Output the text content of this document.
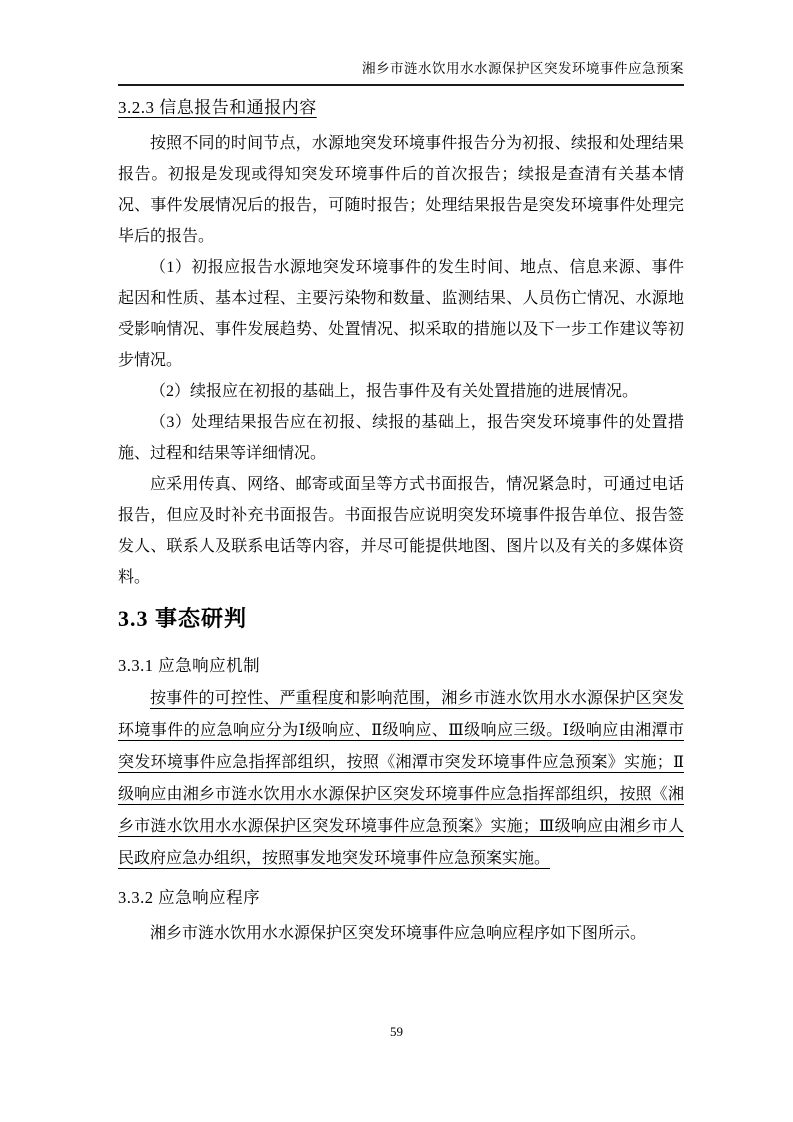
湘乡市涟水饮用水水源保护区突发环境事件应急预案
3.2.3 信息报告和通报内容

按照不同的时间节点，水源地突发环境事件报告分为初报、续报和处理结果报告。初报是发现或得知突发环境事件后的首次报告；续报是查清有关基本情况、事件发展情况后的报告，可随时报告；处理结果报告是突发环境事件处理完毕后的报告。

（1）初报应报告水源地突发环境事件的发生时间、地点、信息来源、事件起因和性质、基本过程、主要污染物和数量、监测结果、人员伤亡情况、水源地受影响情况、事件发展趋势、处置情况、拟采取的措施以及下一步工作建议等初步情况。

（2）续报应在初报的基础上，报告事件及有关处置措施的进展情况。

（3）处理结果报告应在初报、续报的基础上，报告突发环境事件的处置措施、过程和结果等详细情况。

应采用传真、网络、邮寄或面呈等方式书面报告，情况紧急时，可通过电话报告，但应及时补充书面报告。书面报告应说明突发环境事件报告单位、报告签发人、联系人及联系电话等内容，并尽可能提供地图、图片以及有关的多媒体资料。

3.3 事态研判
3.3.1 应急响应机制

按事件的可控性、严重程度和影响范围，湘乡市涟水饮用水水源保护区突发环境事件的应急响应分为Ⅰ级响应、Ⅱ级响应、Ⅲ级响应三级。Ⅰ级响应由湘潭市突发环境事件应急指挥部组织，按照《湘潭市突发环境事件应急预案》实施；Ⅱ级响应由湘乡市涟水饮用水水源保护区突发环境事件应急指挥部组织，按照《湘乡市涟水饮用水水源保护区突发环境事件应急预案》实施；Ⅲ级响应由湘乡市人民政府应急办组织，按照事发地突发环境事件应急预案实施。

3.3.2 应急响应程序

湘乡市涟水饮用水水源保护区突发环境事件应急响应程序如下图所示。

59
